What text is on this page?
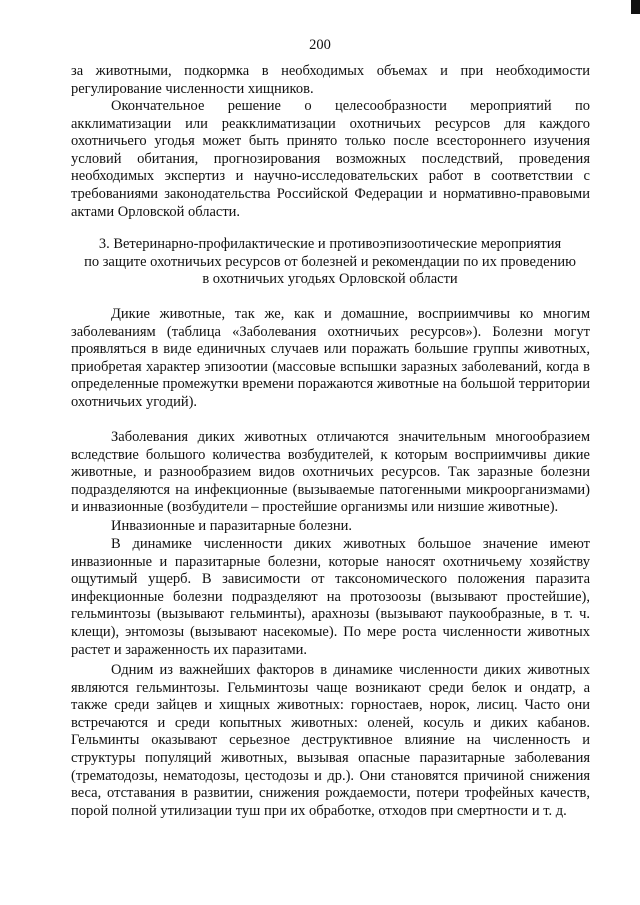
200

за животными, подкормка в необходимых объемах и при необходимости регулирование численности хищников.

Окончательное решение о целесообразности мероприятий по акклиматизации или реакклиматизации охотничьих ресурсов для каждого охотничьего угодья может быть принято только после всестороннего изучения условий обитания, прогнозирования возможных последствий, проведения необходимых экспертиз и научно-исследовательских работ в соответствии с требованиями законодательства Российской Федерации и нормативно-правовыми актами Орловской области.

3. Ветеринарно-профилактические и противоэпизоотические мероприятия
по защите охотничьих ресурсов от болезней и рекомендации по их проведению
в охотничьих угодьях Орловской области

Дикие животные, так же, как и домашние, восприимчивы ко многим заболеваниям (таблица «Заболевания охотничьих ресурсов»). Болезни могут проявляться в виде единичных случаев или поражать большие группы животных, приобретая характер эпизоотии (массовые вспышки заразных заболеваний, когда в определенные промежутки времени поражаются животные на большой территории охотничьих угодий).

Заболевания диких животных отличаются значительным многообразием вследствие большого количества возбудителей, к которым восприимчивы дикие животные, и разнообразием видов охотничьих ресурсов. Так заразные болезни подразделяются на инфекционные (вызываемые патогенными микроорганизмами) и инвазионные (возбудители – простейшие организмы или низшие животные).

Инвазионные и паразитарные болезни.

В динамике численности диких животных большое значение имеют инвазионные и паразитарные болезни, которые наносят охотничьему хозяйству ощутимый ущерб. В зависимости от таксономического положения паразита инфекционные болезни подразделяют на протозоозы (вызывают простейшие), гельминтозы (вызывают гельминты), арахнозы (вызывают паукообразные, в т. ч. клещи), энтомозы (вызывают насекомые). По мере роста численности животных растет и зараженность их паразитами.

Одним из важнейших факторов в динамике численности диких животных являются гельминтозы. Гельминтозы чаще возникают среди белок и ондатр, а также среди зайцев и хищных животных: горностаев, норок, лисиц. Часто они встречаются и среди копытных животных: оленей, косуль и диких кабанов. Гельминты оказывают серьезное деструктивное влияние на численность и структуры популяций животных, вызывая опасные паразитарные заболевания (трематодозы, нематодозы, цестодозы и др.). Они становятся причиной снижения веса, отставания в развитии, снижения рождаемости, потери трофейных качеств, порой полной утилизации туш при их обработке, отходов при смертности и т. д.
